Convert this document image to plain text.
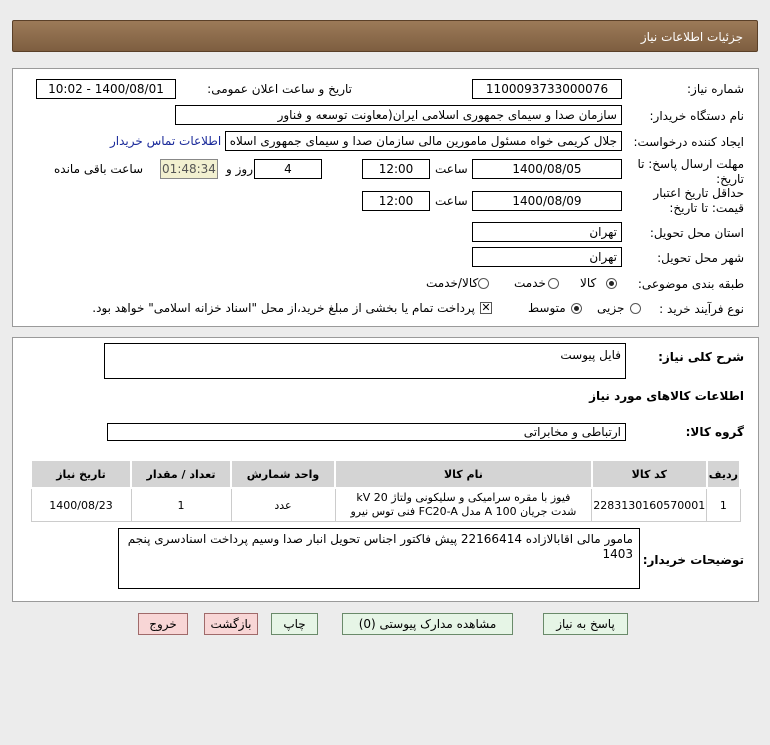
جزئیات اطلاعات نیاز
شماره نیاز:
1100093733000076
تاریخ و ساعت اعلان عمومی:
1400/08/01 - 10:02
نام دستگاه خریدار:
سازمان صدا و سیمای جمهوری اسلامی ایران(معاونت توسعه و فناور
ایجاد کننده درخواست:
جلال کریمی خواه مسئول مامورین مالی سازمان صدا و سیمای جمهوری اسلاه
اطلاعات تماس خریدار
مهلت ارسال پاسخ: تا تاریخ:
1400/08/05
ساعت
12:00
4
روز و
01:48:34
ساعت باقی مانده
حداقل تاریخ اعتبار قیمت: تا تاریخ:
1400/08/09
ساعت
12:00
استان محل تحویل:
تهران
شهر محل تحویل:
تهران
طبقه بندی موضوعی:
کالا
خدمت
کالا/خدمت
نوع فرآیند خرید :
جزیی
متوسط
✕
پرداخت تمام یا بخشی از مبلغ خرید،از محل "اسناد خزانه اسلامی" خواهد بود.
شرح کلی نیاز:
فایل پیوست
اطلاعات کالاهای مورد نیاز
گروه کالا:
ارتباطی و مخابراتی
ردیف	کد کالا	نام کالا	واحد شمارش	تعداد / مقدار	تاریخ نیاز
1	2283130160570001	فیوز با مقره سرامیکی و سلیکونی ولتاژ 20 kV شدت جریان 100 A مدل FC20-A فنی توس نیرو	عدد	1	1400/08/23
توضیحات خریدار:
مامور مالی اقابالازاده 22166414 پیش فاکتور اجناس تحویل انبار صدا وسیم پرداخت اسنادسری پنجم 1403
پاسخ به نیاز
مشاهده مدارک پیوستی (0)
چاپ
بازگشت
خروج
